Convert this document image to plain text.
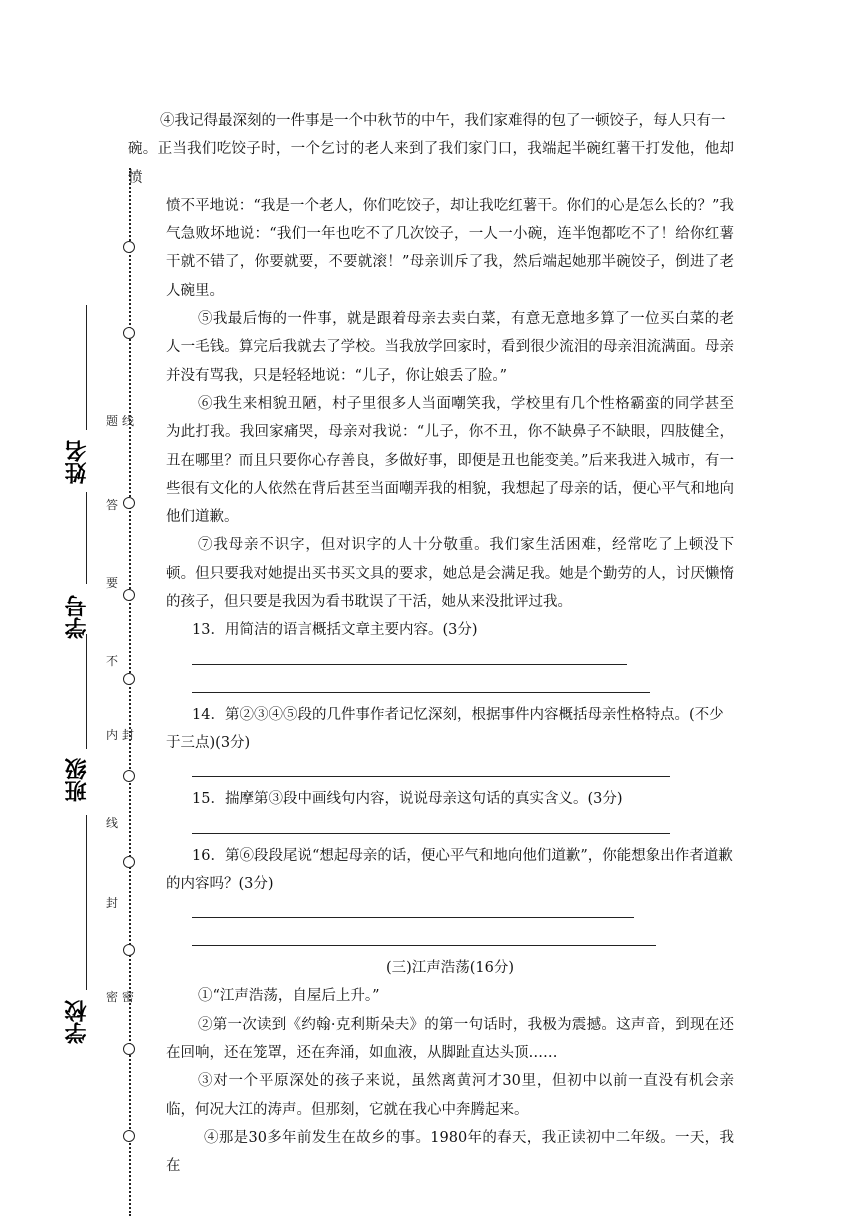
题
答
要
不
内
线
封
密
线
封
密
姓名
学号
班级
学校

④我记得最深刻的一件事是一个中秋节的中午，我们家难得的包了一顿饺子，每人只有一

碗。正当我们吃饺子时，一个乞讨的老人来到了我们家门口，我端起半碗红薯干打发他，他却愤

愤不平地说：“我是一个老人，你们吃饺子，却让我吃红薯干。你们的心是怎么长的？”我气急败坏地说：“我们一年也吃不了几次饺子，一人一小碗，连半饱都吃不了！给你红薯干就不错了，你要就要，不要就滚！”母亲训斥了我，然后端起她那半碗饺子，倒进了老人碗里。

⑤我最后悔的一件事，就是跟着母亲去卖白菜，有意无意地多算了一位买白菜的老人一毛钱。算完后我就去了学校。当我放学回家时，看到很少流泪的母亲泪流满面。母亲并没有骂我，只是轻轻地说：“儿子，你让娘丢了脸。”

⑥我生来相貌丑陋，村子里很多人当面嘲笑我，学校里有几个性格霸蛮的同学甚至为此打我。我回家痛哭，母亲对我说：“儿子，你不丑，你不缺鼻子不缺眼，四肢健全，丑在哪里？而且只要你心存善良，多做好事，即便是丑也能变美。”后来我进入城市，有一些很有文化的人依然在背后甚至当面嘲弄我的相貌，我想起了母亲的话，便心平气和地向他们道歉。

⑦我母亲不识字，但对识字的人十分敬重。我们家生活困难，经常吃了上顿没下顿。但只要我对她提出买书买文具的要求，她总是会满足我。她是个勤劳的人，讨厌懒惰的孩子，但只要是我因为看书耽误了干活，她从来没批评过我。

13．用简洁的语言概括文章主要内容。(3分)

14．第②③④⑤段的几件事作者记忆深刻，根据事件内容概括母亲性格特点。(不少于三点)(3分)

15．揣摩第③段中画线句内容，说说母亲这句话的真实含义。(3分)

16．第⑥段段尾说“想起母亲的话，便心平气和地向他们道歉”，你能想象出作者道歉的内容吗？(3分)

(三)江声浩荡(16分)

①“江声浩荡，自屋后上升。”

②第一次读到《约翰·克利斯朵夫》的第一句话时，我极为震撼。这声音，到现在还在回响，还在笼罩，还在奔涌，如血液，从脚趾直达头顶……

③对一个平原深处的孩子来说，虽然离黄河才30里，但初中以前一直没有机会亲临，何况大江的涛声。但那刻，它就在我心中奔腾起来。

④那是30多年前发生在故乡的事。1980年的春天，我正读初中二年级。一天，我在
